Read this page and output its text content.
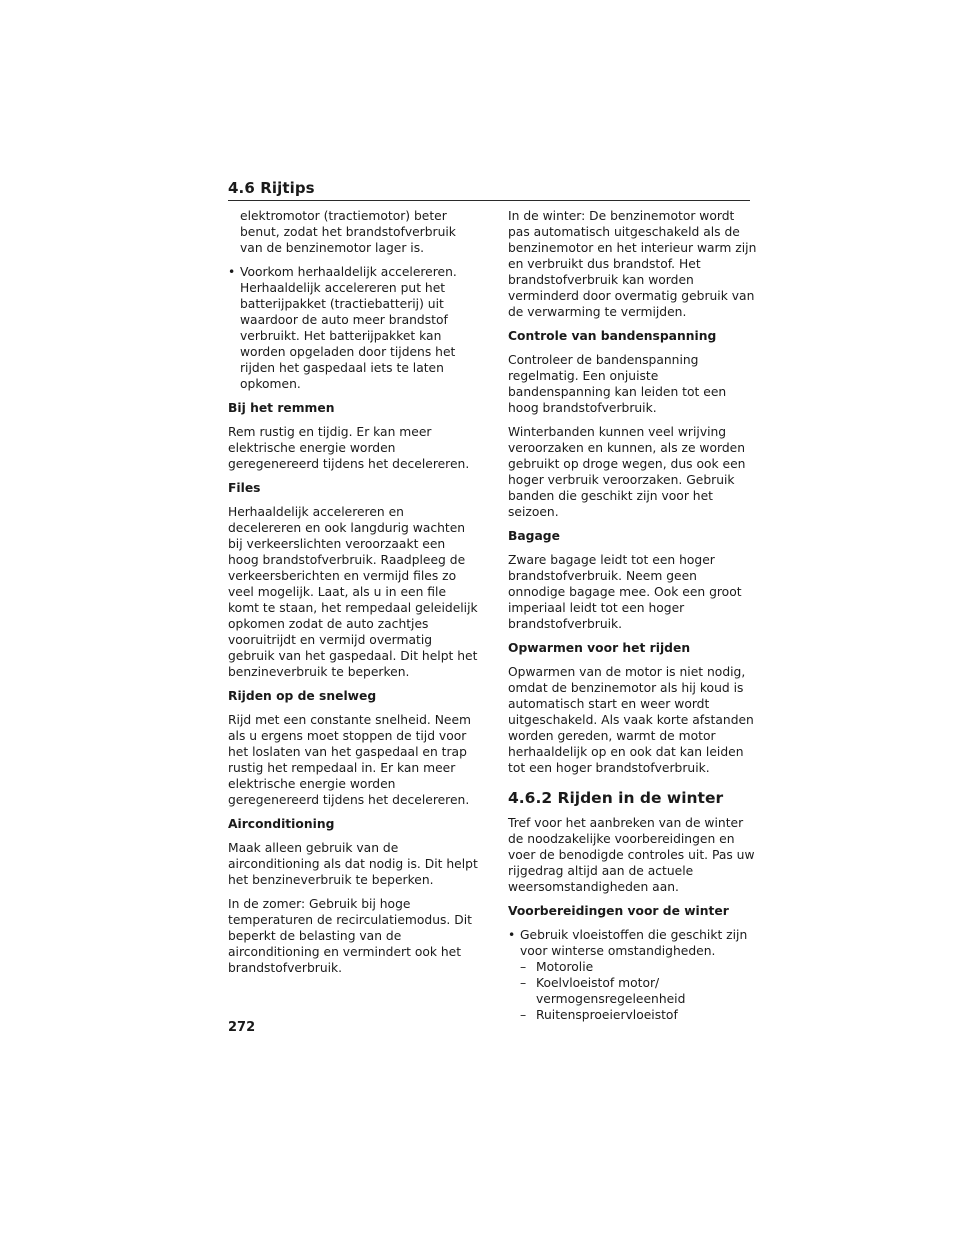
4.6 Rijtips

elektromotor (tractiemotor) beter benut, zodat het brandstofverbruik van de benzinemotor lager is.

• Voorkom herhaaldelijk accelereren. Herhaaldelijk accelereren put het batterijpakket (tractiebatterij) uit waardoor de auto meer brandstof verbruikt. Het batterijpakket kan worden opgeladen door tijdens het rijden het gaspedaal iets te laten opkomen.

Bij het remmen

Rem rustig en tijdig. Er kan meer elektrische energie worden geregenereerd tijdens het decelereren.

Files

Herhaaldelijk accelereren en decelereren en ook langdurig wachten bij verkeerslichten veroorzaakt een hoog brandstofverbruik. Raadpleeg de verkeersberichten en vermijd files zo veel mogelijk. Laat, als u in een file komt te staan, het rempedaal geleidelijk opkomen zodat de auto zachtjes vooruitrijdt en vermijd overmatig gebruik van het gaspedaal. Dit helpt het benzineverbruik te beperken.

Rijden op de snelweg

Rijd met een constante snelheid. Neem als u ergens moet stoppen de tijd voor het loslaten van het gaspedaal en trap rustig het rempedaal in. Er kan meer elektrische energie worden geregenereerd tijdens het decelereren.

Airconditioning

Maak alleen gebruik van de airconditioning als dat nodig is. Dit helpt het benzineverbruik te beperken.

In de zomer: Gebruik bij hoge temperaturen de recirculatiemodus. Dit beperkt de belasting van de airconditioning en vermindert ook het brandstofverbruik.

In de winter: De benzinemotor wordt pas automatisch uitgeschakeld als de benzinemotor en het interieur warm zijn en verbruikt dus brandstof. Het brandstofverbruik kan worden verminderd door overmatig gebruik van de verwarming te vermijden.

Controle van bandenspanning

Controleer de bandenspanning regelmatig. Een onjuiste bandenspanning kan leiden tot een hoog brandstofverbruik.

Winterbanden kunnen veel wrijving veroorzaken en kunnen, als ze worden gebruikt op droge wegen, dus ook een hoger verbruik veroorzaken. Gebruik banden die geschikt zijn voor het seizoen.

Bagage

Zware bagage leidt tot een hoger brandstofverbruik. Neem geen onnodige bagage mee. Ook een groot imperiaal leidt tot een hoger brandstofverbruik.

Opwarmen voor het rijden

Opwarmen van de motor is niet nodig, omdat de benzinemotor als hij koud is automatisch start en weer wordt uitgeschakeld. Als vaak korte afstanden worden gereden, warmt de motor herhaaldelijk op en ook dat kan leiden tot een hoger brandstofverbruik.

4.6.2 Rijden in de winter

Tref voor het aanbreken van de winter de noodzakelijke voorbereidingen en voer de benodigde controles uit. Pas uw rijgedrag altijd aan de actuele weersomstandigheden aan.

Voorbereidingen voor de winter

• Gebruik vloeistoffen die geschikt zijn voor winterse omstandigheden.
– Motorolie
– Koelvloeistof motor/ vermogensregeleenheid
– Ruitensproeiervloeistof
272
